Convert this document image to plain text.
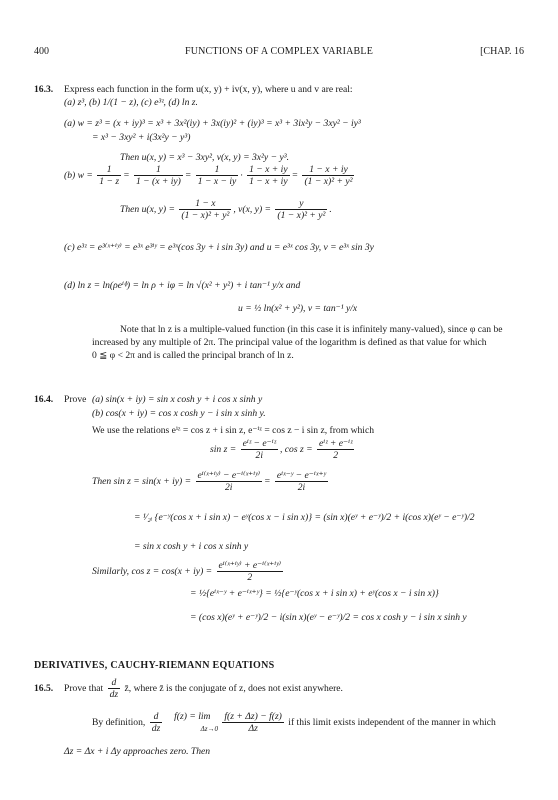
400	FUNCTIONS OF A COMPLEX VARIABLE	[CHAP. 16
16.3. Express each function in the form u(x, y) + iv(x, y), where u and v are real:
(a) z³, (b) 1/(1 − z), (c) e³ᶻ, (d) ln z.
(a) w = z³ = (x + iy)³ = x³ + 3x²(iy) + 3x(iy)² + (iy)³ = x³ + 3ix²y − 3xy² − iy³
= x³ − 3xy² + i(3x²y − y³)
Then u(x, y) = x³ − 3xy², v(x, y) = 3x²y − y³.
(b) $w = \frac{1}{1 - z} = \frac{1}{1 - (x + iy)} = \frac{1}{1 - x - iy} \cdot \frac{1 - x + iy}{1 - x + iy} = \frac{1 - x + iy}{\text{(1 − x)² + y²}}$
Then u(x, $y) = \frac{1 - x}{\text{(1 − x)² + y²}}$ , v(x, $y) = \frac{y}{\text{(1 − x)² + y²}}$ .
(c) e³ᶻ = e³⁽ˣ⁺ⁱʸ⁾ = e³ˣ e³ⁱʸ = e³ˣ(cos 3y + i sin 3y) and u = e³ˣ cos 3y, v = e³ˣ sin 3y
(d) ln z = ln(ρeⁱᶲ) = ln ρ + iφ = ln √(x² + y²) + i tan⁻¹ y/x and
u = ½ ln(x² + y²), v = tan⁻¹ y/x
Note that ln z is a multiple-valued function (in this case it is infinitely many-valued), since φ can be
increased by any multiple of 2π. The principal value of the logarithm is defined as that value for which
0 ≦ φ < 2π and is called the principal branch of ln z.
16.4. Prove (a) sin(x + iy) = sin x cosh y + i cos x sinh y
(b) cos(x + iy) = cos x cosh y − i sin x sinh y.
We use the relations eⁱᶻ = cos z + i sin z, e⁻ⁱᶻ = cos z − i sin z, from which
$\sin z = \frac{\text{eⁱᶻ − e⁻ⁱᶻ}}{2i}$ , $\cos z = \frac{\text{eⁱᶻ + e⁻ⁱᶻ}}{2}$
Then $\sin z = \sin(x + iy) = \frac{\text{eⁱ⁽ˣ⁺ⁱʸ⁾ − e⁻ⁱ⁽ˣ⁺ⁱʸ⁾}}{2i} = \frac{\text{eⁱˣ⁻ʸ − e⁻ⁱˣ⁺ʸ}}{2i}$
= ¹⁄₂ᵢ {e⁻ʸ(cos x + i sin x) − eʸ(cos x − i sin x)} = (sin x)(eʸ + e⁻ʸ)/2 + i(cos x)(eʸ − e⁻ʸ)/2
= sin x cosh y + i cos x sinh y
Similarly, $\cos z = \cos(x + iy) = \frac{\text{eⁱ⁽ˣ⁺ⁱʸ⁾ + e⁻ⁱ⁽ˣ⁺ⁱʸ⁾}}{2}$
= ½{eⁱˣ⁻ʸ + e⁻ⁱˣ⁺ʸ} = ½{e⁻ʸ(cos x + i sin x) + eʸ(cos x − i sin x)}
= (cos x)(eʸ + e⁻ʸ)/2 − i(sin x)(eʸ − e⁻ʸ)/2 = cos x cosh y − i sin x sinh y
DERIVATIVES, CAUCHY-RIEMANN EQUATIONS
16.5. Prove that $\frac{d}{dz}$ z̄, where z̄ is the conjugate of z, does not exist anywhere.
By definition, $\frac{d}{dz} f(z) = \lim$
$\Delta z\to 0 \frac{f(z + \Delta z) - f(z)}{\Delta z}$ if this limit exists independent of the manner in which
Δz = Δx + i Δy approaches zero. Then
